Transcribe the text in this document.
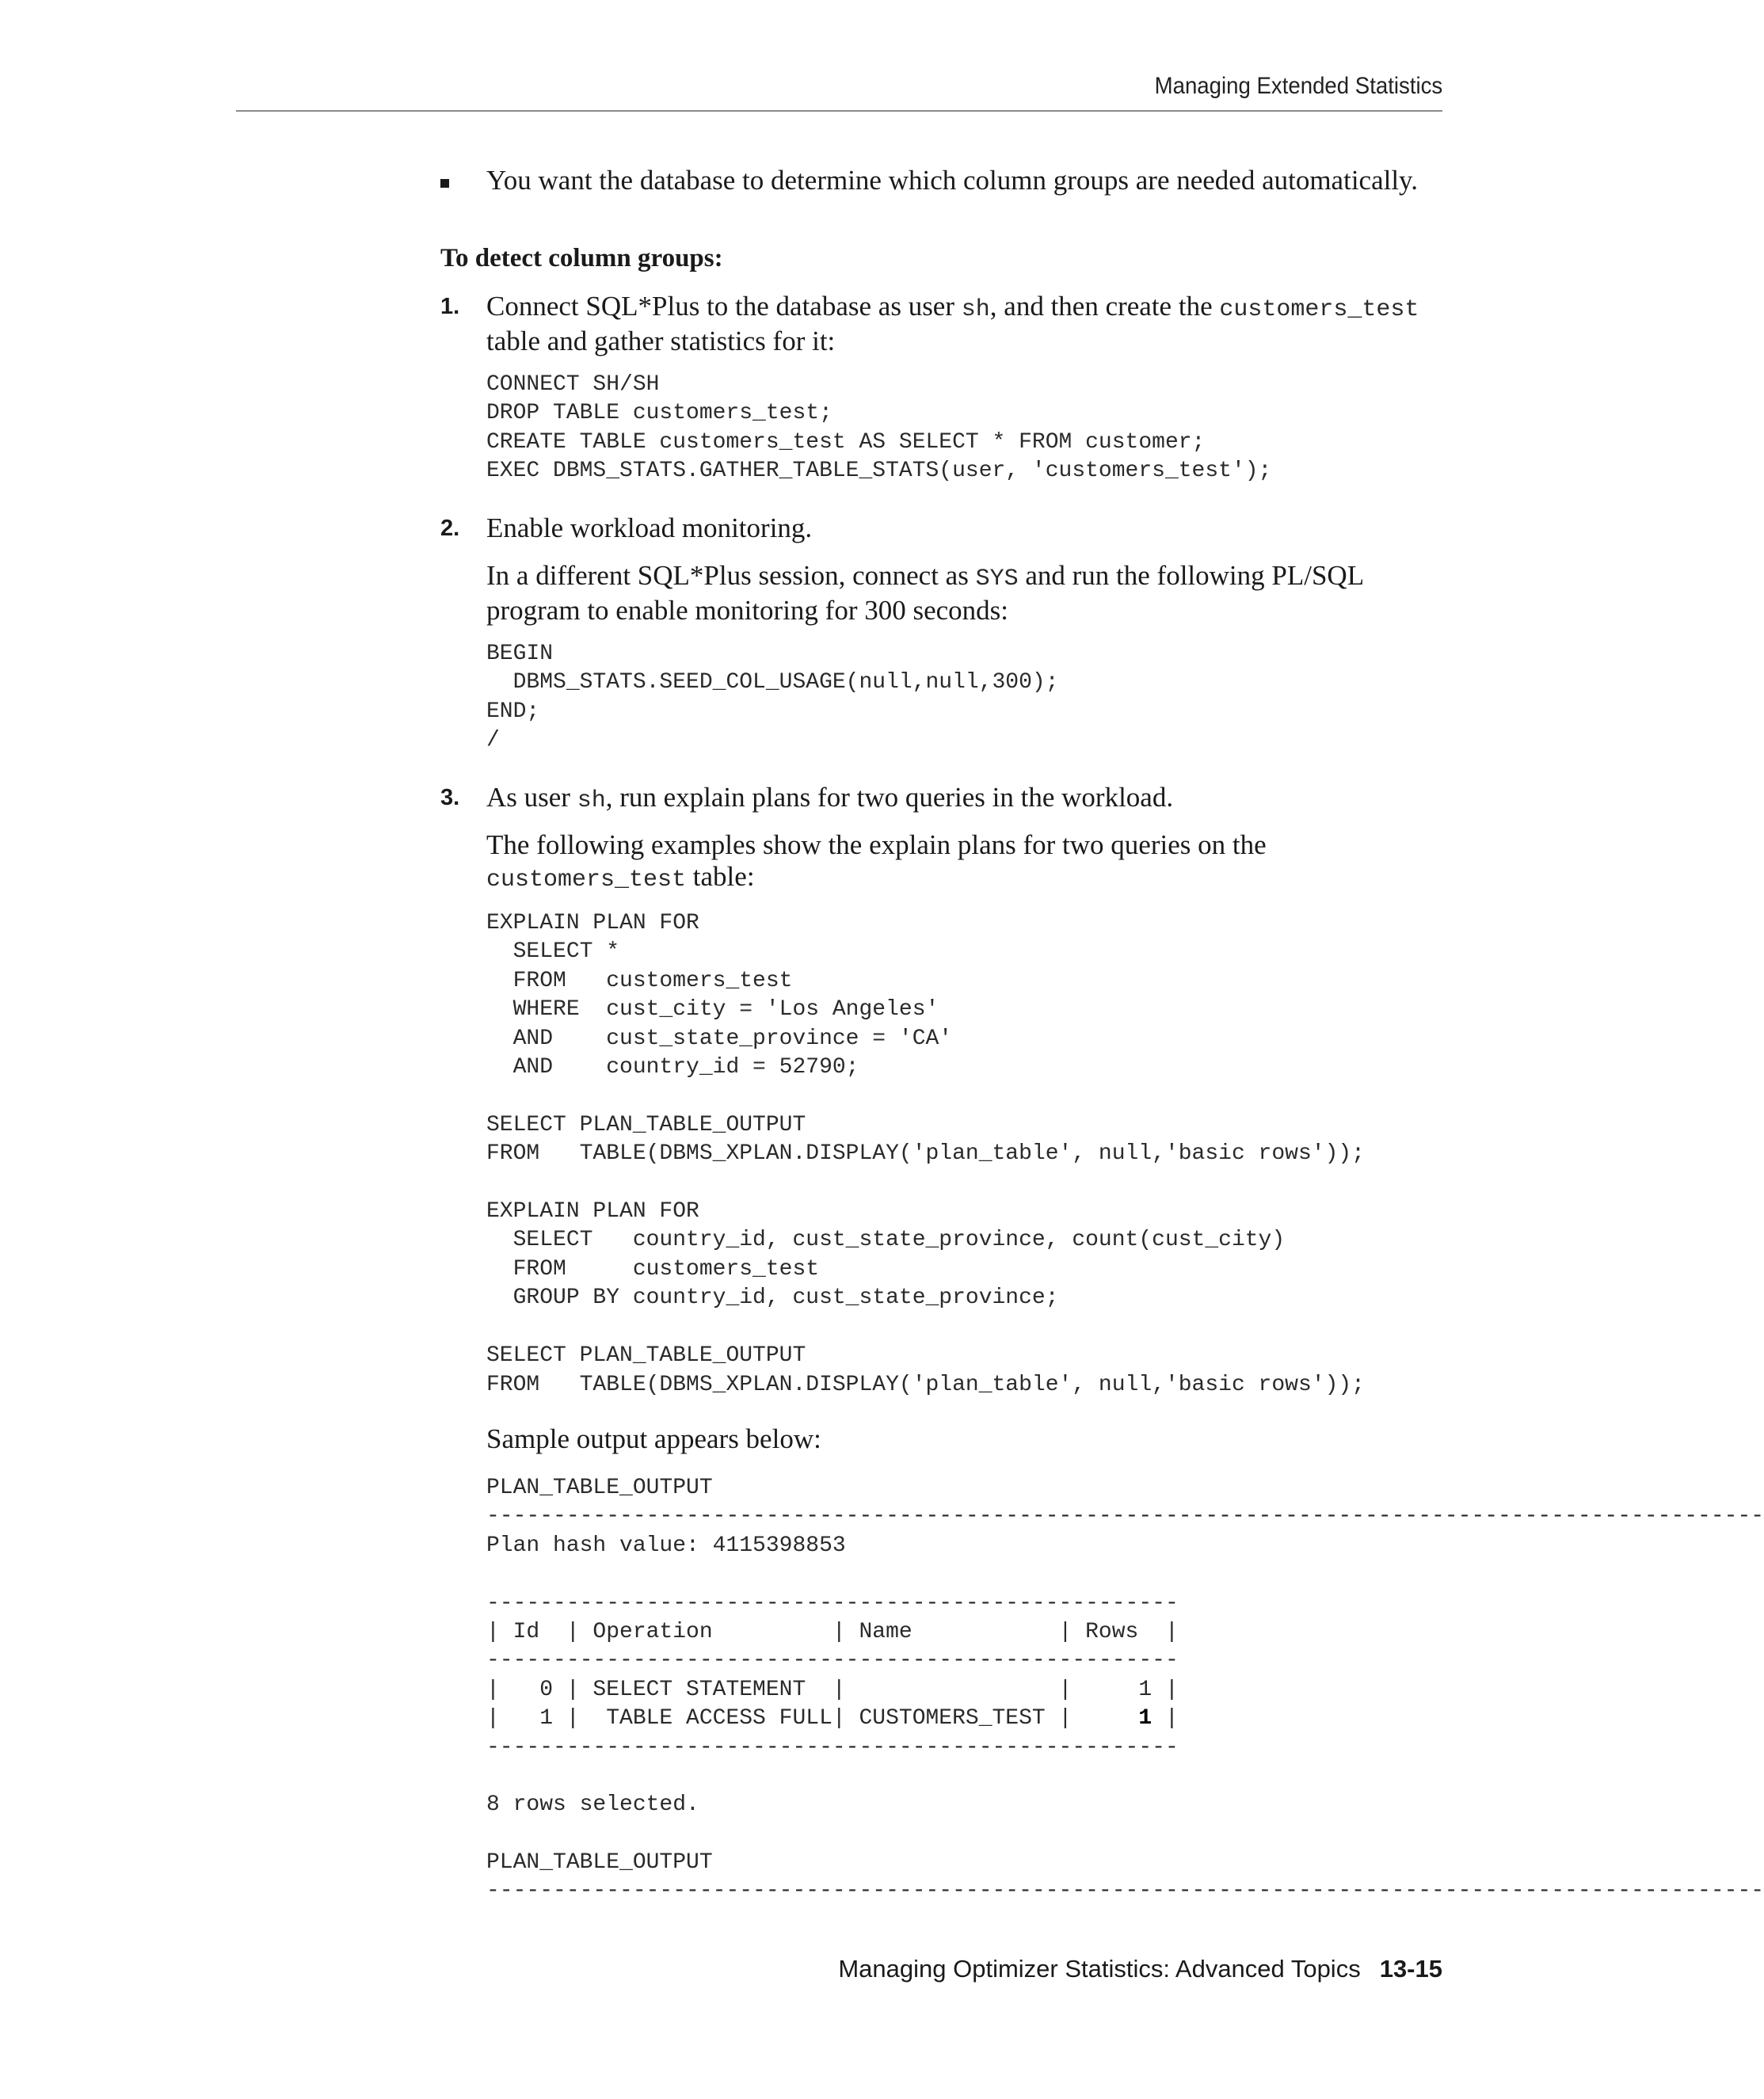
Managing Extended Statistics
You want the database to determine which column groups are needed automatically.
To detect column groups:
1. Connect SQL*Plus to the database as user sh, and then create the customers_test table and gather statistics for it:
CONNECT SH/SH
DROP TABLE customers_test;
CREATE TABLE customers_test AS SELECT * FROM customer;
EXEC DBMS_STATS.GATHER_TABLE_STATS(user, 'customers_test');
2. Enable workload monitoring.
In a different SQL*Plus session, connect as SYS and run the following PL/SQL program to enable monitoring for 300 seconds:
BEGIN
DBMS_STATS.SEED_COL_USAGE(null,null,300);
END;
/
3. As user sh, run explain plans for two queries in the workload.
The following examples show the explain plans for two queries on the customers_test table:
EXPLAIN PLAN FOR
SELECT *
FROM   customers_test
WHERE  cust_city = 'Los Angeles'
AND    cust_state_province = 'CA'
AND    country_id = 52790;

SELECT PLAN_TABLE_OUTPUT
FROM   TABLE(DBMS_XPLAN.DISPLAY('plan_table', null,'basic rows'));

EXPLAIN PLAN FOR
SELECT   country_id, cust_state_province, count(cust_city)
FROM     customers_test
GROUP BY country_id, cust_state_province;

SELECT PLAN_TABLE_OUTPUT
FROM   TABLE(DBMS_XPLAN.DISPLAY('plan_table', null,'basic rows'));
Sample output appears below:
PLAN_TABLE_OUTPUT
------------------------------------------------------------------------------------------------
Plan hash value: 4115398853
----------------------------------------------------
| Id  | Operation         | Name           | Rows  |
----------------------------------------------------
|   0 | SELECT STATEMENT  |                |     1 |
|   1 |  TABLE ACCESS FULL| CUSTOMERS_TEST |     1 |
----------------------------------------------------
8 rows selected.
PLAN_TABLE_OUTPUT
------------------------------------------------------------------------------------------------
Managing Optimizer Statistics: Advanced Topics 13-15
